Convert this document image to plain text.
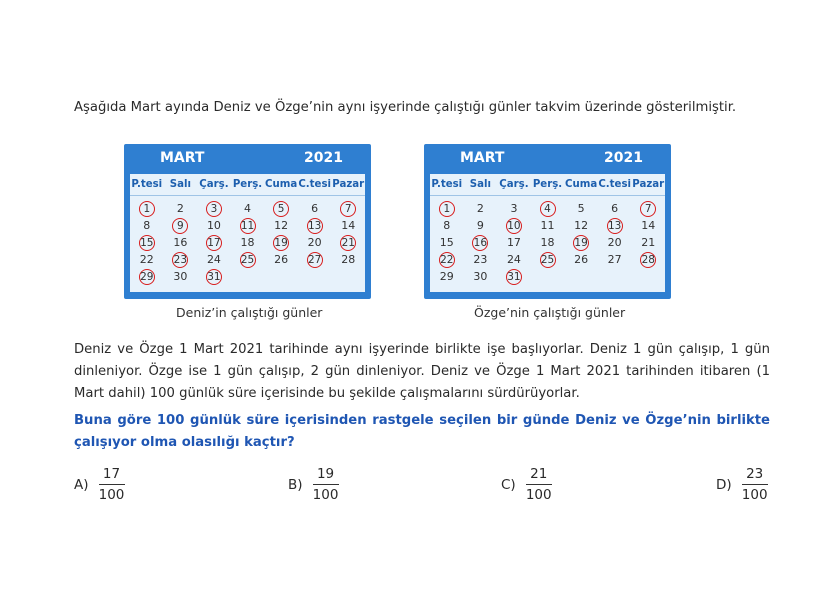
Aşağıda Mart ayında Deniz ve Özge’nin aynı işyerinde çalıştığı günler takvim üzerinde gösterilmiştir.
MART	2021
P.tesi Salı Çarş. Perş. Cuma C.tesi Pazar
1	2	3	4	5	6	7
8	9	10	11	12	13	14
15	16	17	18	19	20	21
22	23	24	25	26	27	28
29	30	31
Deniz’in çalıştığı günler
MART	2021
P.tesi Salı Çarş. Perş. Cuma C.tesi Pazar
1	2	3	4	5	6	7
8	9	10	11	12	13	14
15	16	17	18	19	20	21
22	23	24	25	26	27	28
29	30	31
Özge’nin çalıştığı günler
Deniz ve Özge 1 Mart 2021 tarihinde aynı işyerinde birlikte işe başlıyorlar. Deniz 1 gün çalışıp, 1 gün dinleniyor. Özge ise 1 gün çalışıp, 2 gün dinleniyor. Deniz ve Özge 1 Mart 2021 tarihinden itibaren (1 Mart dahil) 100 günlük süre içerisinde bu şekilde çalışmalarını sürdürüyorlar.
Buna göre 100 günlük süre içerisinden rastgele seçilen bir günde Deniz ve Özge’nin birlikte çalışıyor olma olasılığı kaçtır?
$A) \frac{17}{100}$	$B) \frac{19}{100}$	$C) \frac{21}{100}$	$D) \frac{23}{100}$
